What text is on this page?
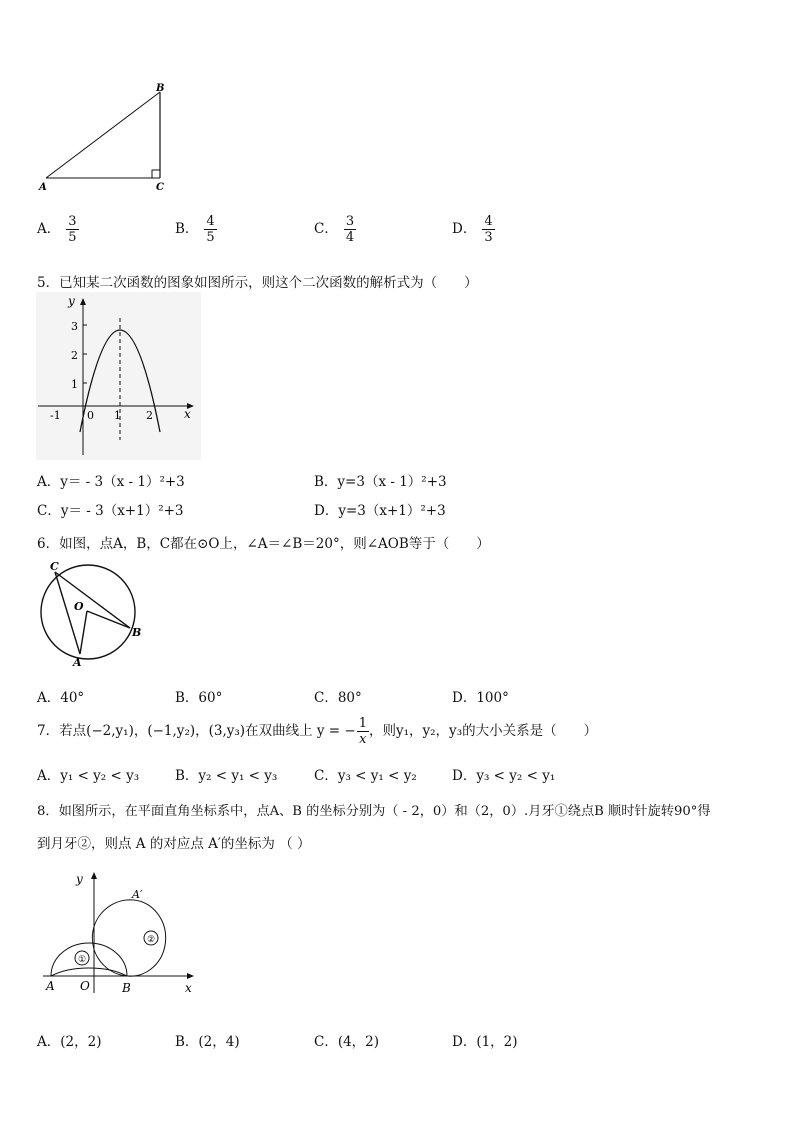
B
A	C
A． $\frac{3}{5}$	B． $\frac{4}{5}$	C． $\frac{3}{4}$	D． $\frac{4}{3}$
5．已知某二次函数的图象如图所示，则这个二次函数的解析式为（　　）
y
x
3
2
1
-1 0 1 2
A．y＝ - 3（x - 1）²+3	B．y=3（x - 1）²+3
C．y＝ - 3（x+1）²+3	D．y=3（x+1）²+3
6．如图，点A，B，C都在⊙O上，∠A＝∠B＝20°，则∠AOB等于（　　）
C
O
B
A
A．40°	B．60°	C．80°	D．100°
7．若点(−2,y₁)，(−1,y₂)，(3,y₃)在双曲线上 y = − $\frac{1}{x}$ ，则y₁，y₂，y₃的大小关系是（　　）
A．y₁ < y₂ < y₃	B．y₂ < y₁ < y₃	C．y₃ < y₁ < y₂	D．y₃ < y₂ < y₁
8．如图所示，在平面直角坐标系中，点A、B 的坐标分别为（ - 2，0）和（2，0）.月牙①绕点B 顺时针旋转90°得
到月牙②，则点 A 的对应点 A′的坐标为 （ ）
①
②
y
x
A O	B
A′
A．(2，2)	B．(2，4)	C．(4，2)	D．(1，2)
